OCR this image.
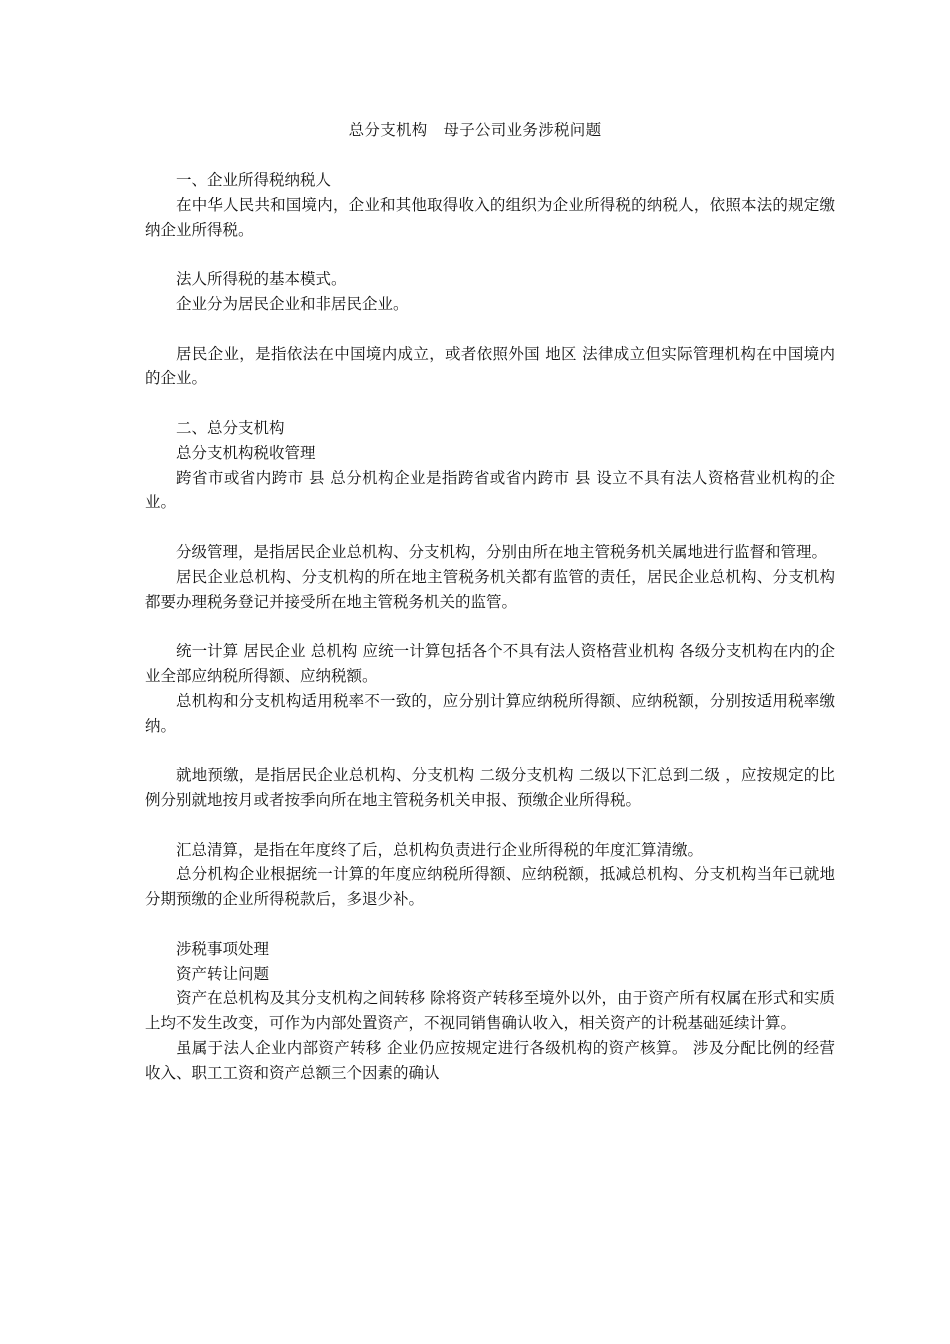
总分支机构　母子公司业务涉税问题

一、企业所得税纳税人

在中华人民共和国境内，企业和其他取得收入的组织为企业所得税的纳税人，依照本法的规定缴纳企业所得税。

法人所得税的基本模式。

企业分为居民企业和非居民企业。

居民企业，是指依法在中国境内成立，或者依照外国 地区 法律成立但实际管理机构在中国境内的企业。

二、总分支机构

总分支机构税收管理

跨省市或省内跨市 县 总分机构企业是指跨省或省内跨市 县 设立不具有法人资格营业机构的企业。

分级管理，是指居民企业总机构、分支机构，分别由所在地主管税务机关属地进行监督和管理。

居民企业总机构、分支机构的所在地主管税务机关都有监管的责任，居民企业总机构、分支机构都要办理税务登记并接受所在地主管税务机关的监管。

统一计算 居民企业 总机构 应统一计算包括各个不具有法人资格营业机构 各级分支机构在内的企业全部应纳税所得额、应纳税额。

总机构和分支机构适用税率不一致的，应分别计算应纳税所得额、应纳税额，分别按适用税率缴纳。

就地预缴，是指居民企业总机构、分支机构 二级分支机构 二级以下汇总到二级 ，应按规定的比例分别就地按月或者按季向所在地主管税务机关申报、预缴企业所得税。

汇总清算，是指在年度终了后，总机构负责进行企业所得税的年度汇算清缴。

总分机构企业根据统一计算的年度应纳税所得额、应纳税额，抵减总机构、分支机构当年已就地分期预缴的企业所得税款后，多退少补。

涉税事项处理

资产转让问题

资产在总机构及其分支机构之间转移 除将资产转移至境外以外，由于资产所有权属在形式和实质上均不发生改变，可作为内部处置资产，不视同销售确认收入，相关资产的计税基础延续计算。

虽属于法人企业内部资产转移 企业仍应按规定进行各级机构的资产核算。 涉及分配比例的经营收入、职工工资和资产总额三个因素的确认
